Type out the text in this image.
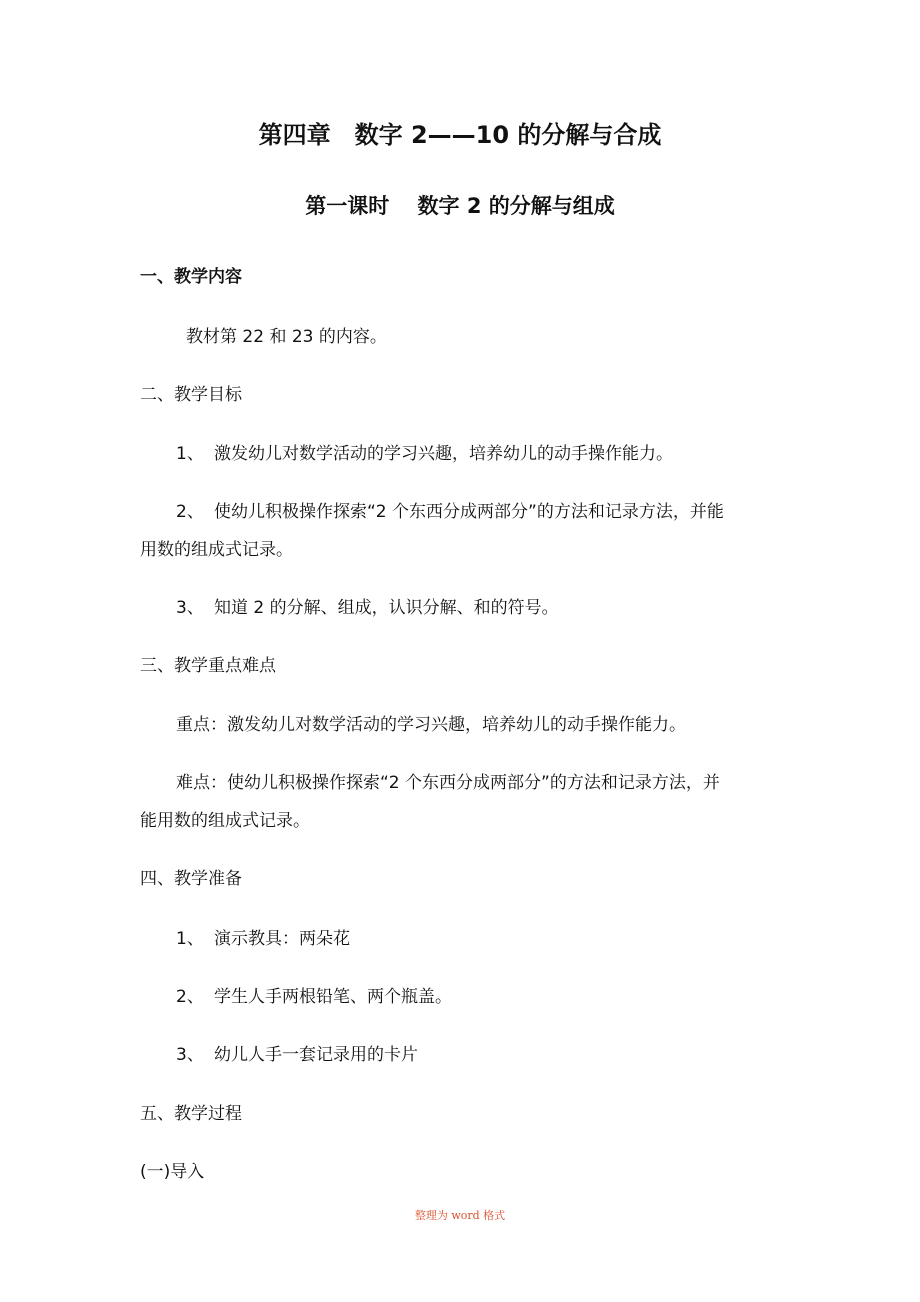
第四章　数字 2——10 的分解与合成
第一课时　 数字 2 的分解与组成
一、教学内容
教材第 22 和 23 的内容。
二、教学目标
1、 激发幼儿对数学活动的学习兴趣，培养幼儿的动手操作能力。
2、 使幼儿积极操作探索“2 个东西分成两部分”的方法和记录方法，并能
用数的组成式记录。
3、 知道 2 的分解、组成，认识分解、和的符号。
三、教学重点难点
重点：激发幼儿对数学活动的学习兴趣，培养幼儿的动手操作能力。
难点：使幼儿积极操作探索“2 个东西分成两部分”的方法和记录方法，并
能用数的组成式记录。
四、教学准备
1、 演示教具：两朵花
2、 学生人手两根铅笔、两个瓶盖。
3、 幼儿人手一套记录用的卡片
五、教学过程
(一)导入
整理为 word 格式
